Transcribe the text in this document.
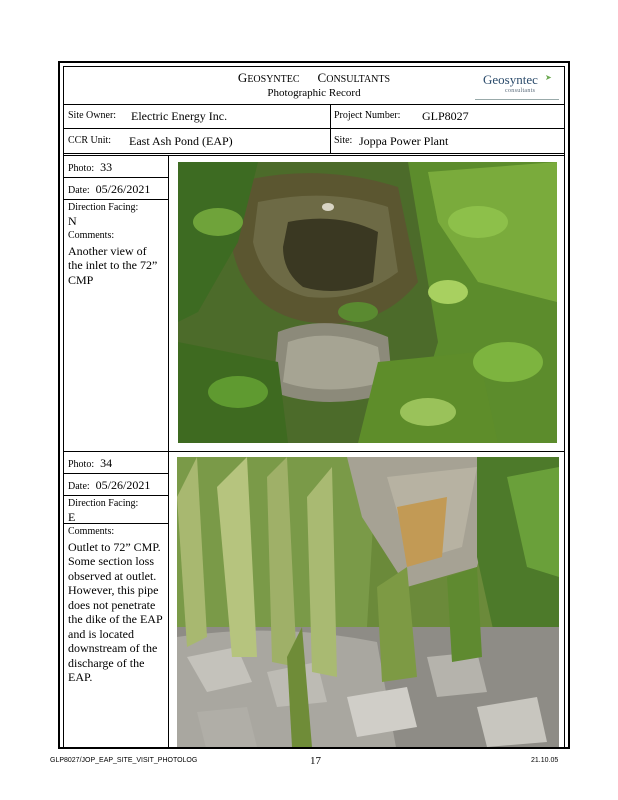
GEOSYNTEC CONSULTANTS
Photographic Record
Geosyntec ➤
consultants
Site Owner: Electric Energy Inc.	Project Number: GLP8027
CCR Unit: East Ash Pond (EAP)	Site: Joppa Power Plant
Photo: 33
Date: 05/26/2021
Direction Facing:
N
Comments:
Another view of the inlet to the 72” CMP
Photo: 34
Date: 05/26/2021
Direction Facing:
E
Comments:
Outlet to 72” CMP. Some section loss observed at outlet. However, this pipe does not penetrate the dike of the EAP and is located downstream of the discharge of the EAP.
GLP8027/JOP_EAP_SITE_VISIT_PHOTOLOG	17	21.10.05
